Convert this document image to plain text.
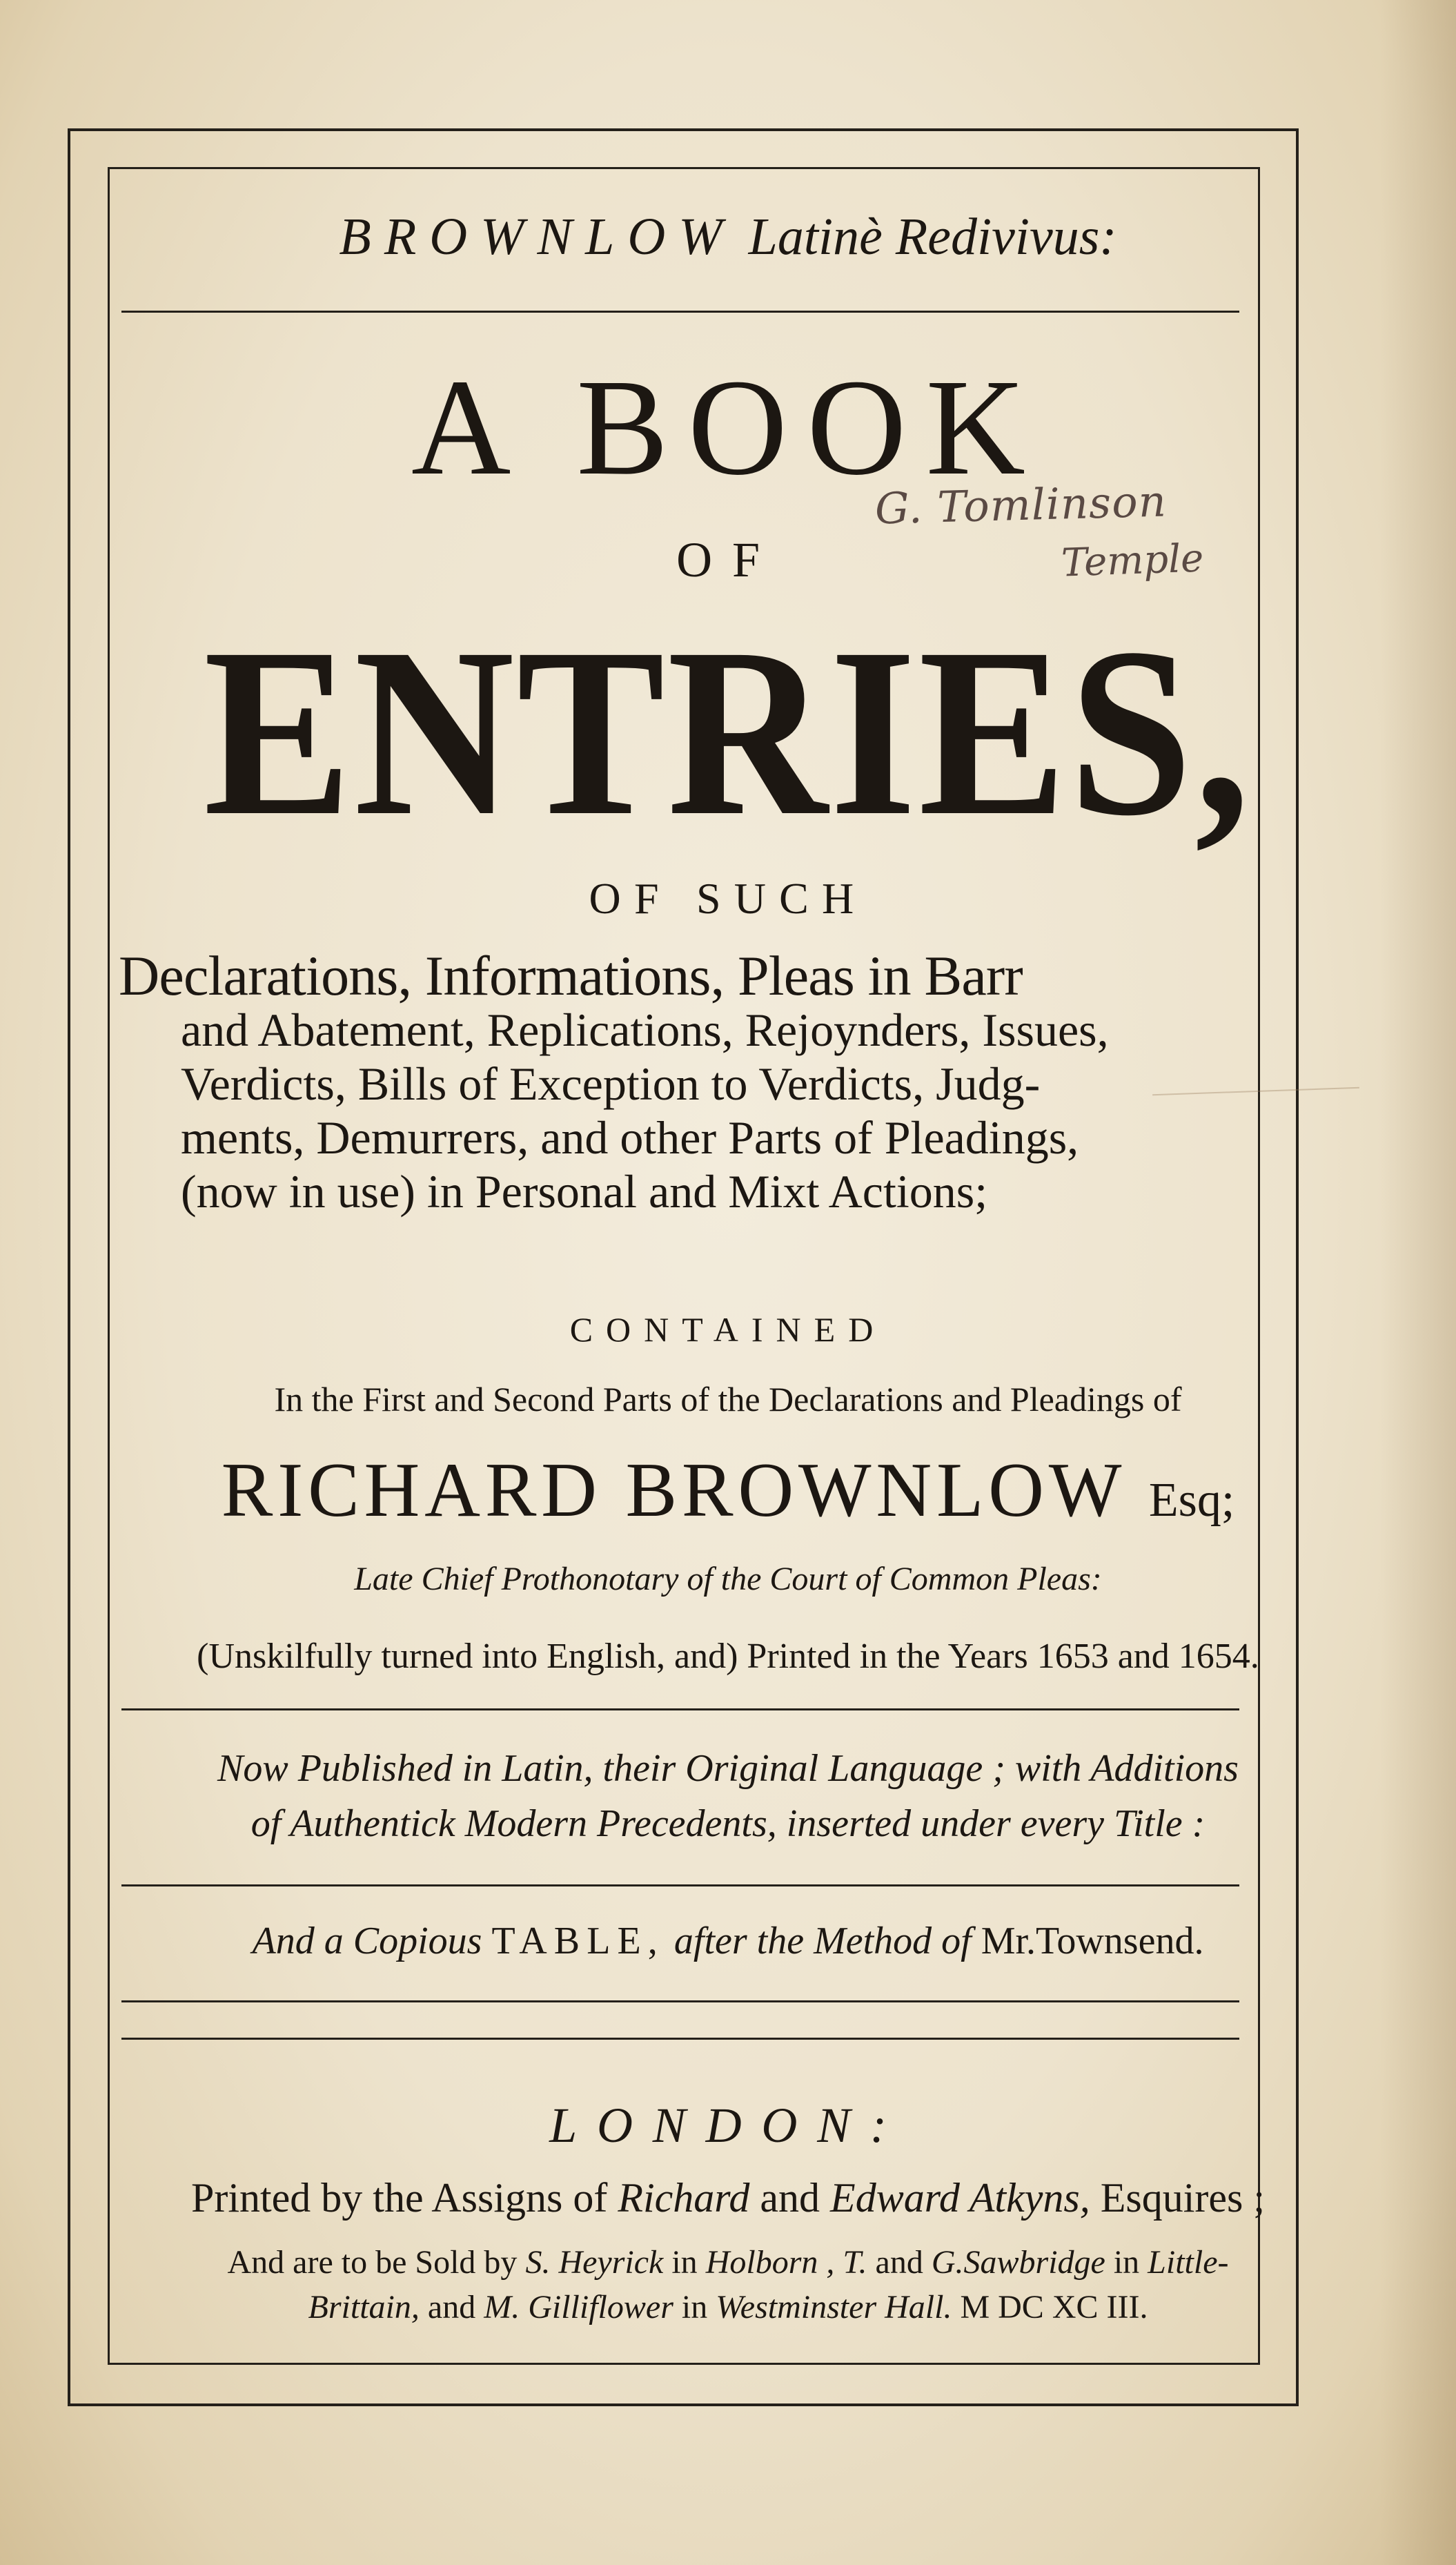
BROWNLOW Latinè Redivivus:
A BOOK
OF
ENTRIES,
OF SUCH
Declarations, Informations, Pleas in Barr
and Abatement, Replications, Rejoynders, Issues,
Verdicts, Bills of Exception to Verdicts, Judg-
ments, Demurrers, and other Parts of Pleadings,
(now in use) in Personal and Mixt Actions;
CONTAINED
In the First and Second Parts of the Declarations and Pleadings of
RICHARD BROWNLOW Esq;
Late Chief Prothonotary of the Court of Common Pleas:
(Unskilfully turned into English, and) Printed in the Years 1653 and 1654.
Now Published in Latin, their Original Language ; with Additions
of Authentick Modern Precedents, inserted under every Title :
And a Copious TABLE, after the Method of Mr.Townsend.
LONDON:
Printed by the Assigns of Richard and Edward Atkyns, Esquires ;
And are to be Sold by S. Heyrick in Holborn , T. and G.Sawbridge in Little-
Brittain, and M. Gilliflower in Westminster Hall. M DC XC III.
G. Tomlinson
Temple
